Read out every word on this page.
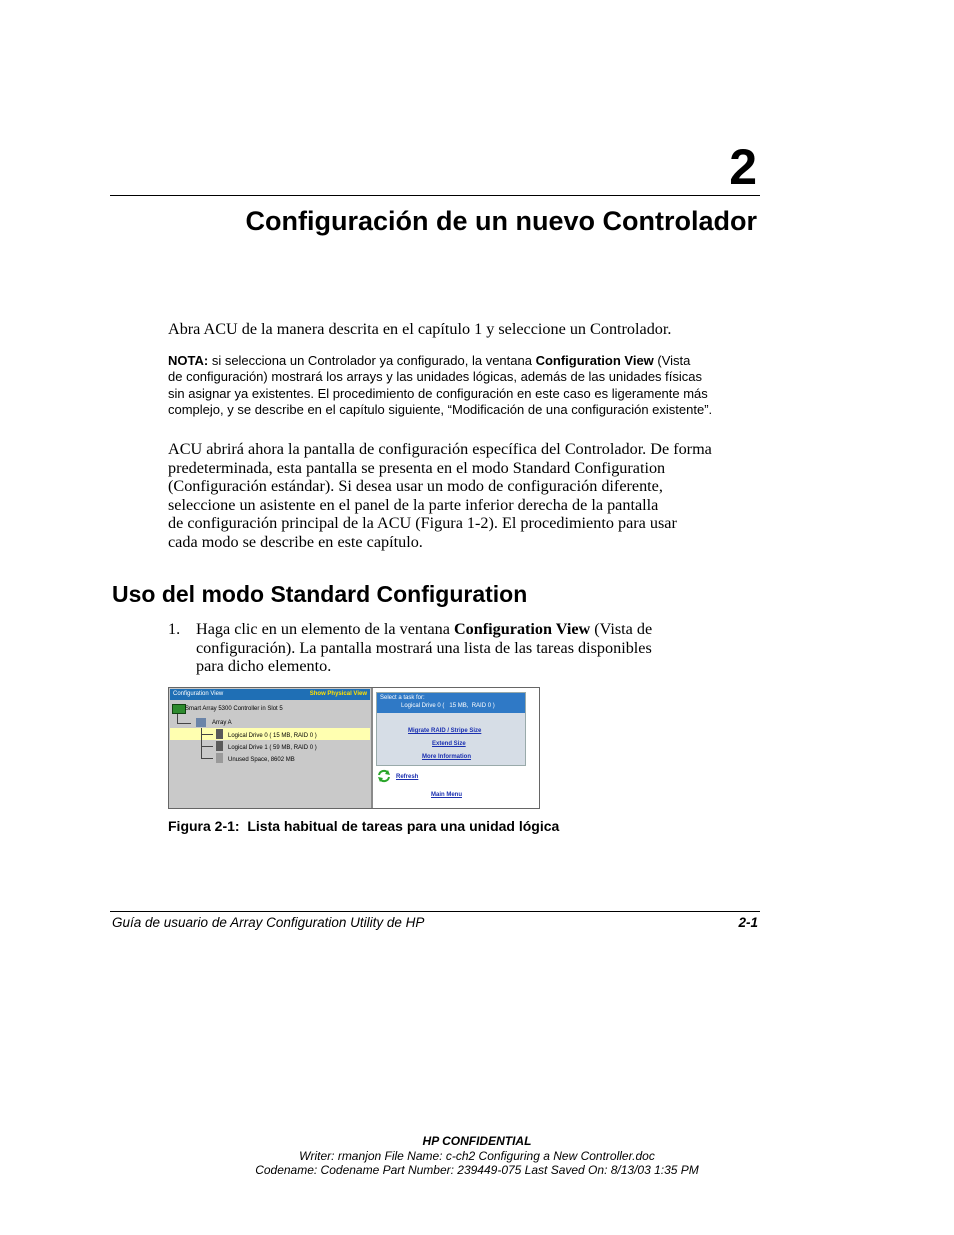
2
Configuración de un nuevo Controlador
Abra ACU de la manera descrita en el capítulo 1 y seleccione un Controlador.
NOTA: si selecciona un Controlador ya configurado, la ventana Configuration View (Vista
de configuración) mostrará los arrays y las unidades lógicas, además de las unidades físicas
sin asignar ya existentes. El procedimiento de configuración en este caso es ligeramente más
complejo, y se describe en el capítulo siguiente, “Modificación de una configuración existente”.
ACU abrirá ahora la pantalla de configuración específica del Controlador. De forma
predeterminada, esta pantalla se presenta en el modo Standard Configuration
(Configuración estándar). Si desea usar un modo de configuración diferente,
seleccione un asistente en el panel de la parte inferior derecha de la pantalla
de configuración principal de la ACU (Figura 1-2). El procedimiento para usar
cada modo se describe en este capítulo.
Uso del modo Standard Configuration
1. Haga clic en un elemento de la ventana Configuration View (Vista de
configuración). La pantalla mostrará una lista de las tareas disponibles
para dicho elemento.
Configuration View	Show Physical View
Smart Array 5300 Controller in Slot 5
Array A
Logical Drive 0 ( 15 MB, RAID 0 )
Logical Drive 1 ( 59 MB, RAID 0 )
Unused Space, 8602 MB
Select a task for:
Logical Drive 0 (   15 MB,  RAID 0 )
Migrate RAID / Stripe Size
Extend Size
More Information
Refresh
Main Menu
Figura 2-1:  Lista habitual de tareas para una unidad lógica
Guía de usuario de Array Configuration Utility de HP	2-1
HP CONFIDENTIAL
Writer: rmanjon File Name: c-ch2 Configuring a New Controller.doc
Codename: Codename Part Number: 239449-075 Last Saved On: 8/13/03 1:35 PM
